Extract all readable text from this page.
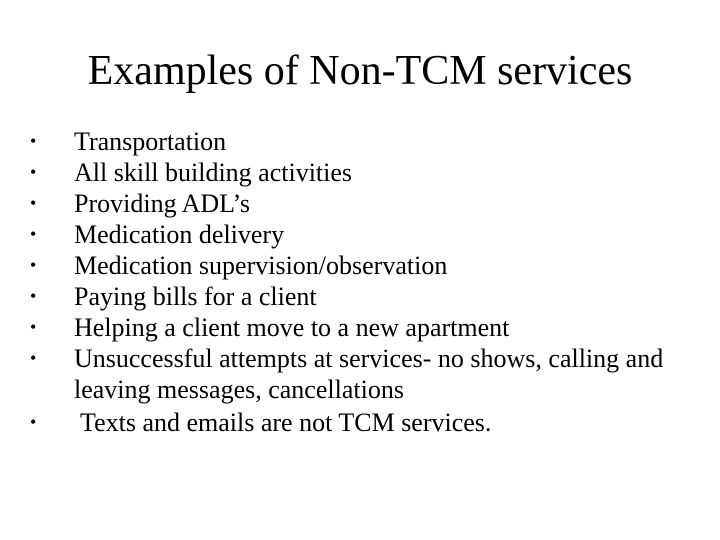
Examples of Non-TCM services
•	Transportation
•	All skill building activities
•	Providing ADL’s
•	Medication delivery
•	Medication supervision/observation
•	Paying bills for a client
•	Helping a client move to a new apartment
•	Unsuccessful attempts at services- no shows, calling and leaving messages, cancellations
•	Texts and emails are not TCM services.
